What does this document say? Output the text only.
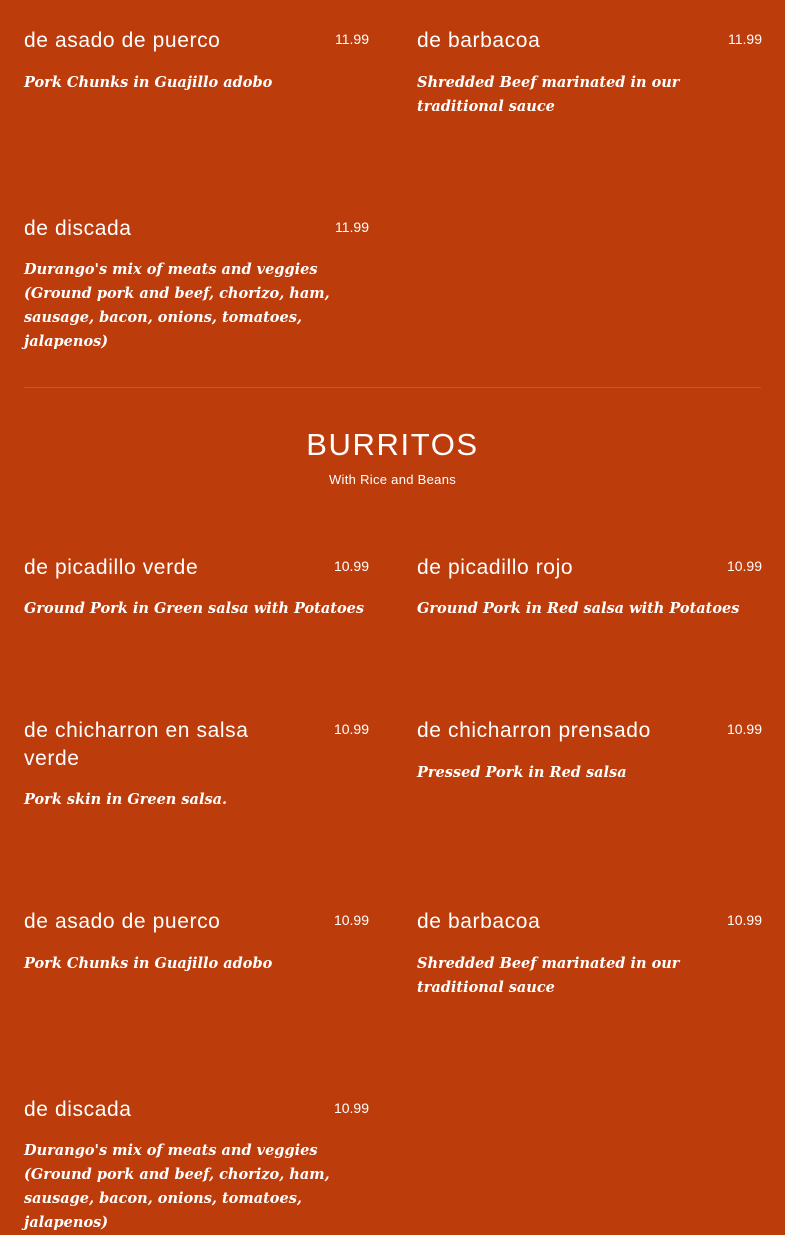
de asado de puerco	11.99
Pork Chunks in Guajillo adobo
de barbacoa	11.99
Shredded Beef marinated in our traditional sauce
de discada	11.99
Durango's mix of meats and veggies (Ground pork and beef, chorizo, ham, sausage, bacon, onions, tomatoes, jalapenos)
BURRITOS
With Rice and Beans
de picadillo verde	10.99
Ground Pork in Green salsa with Potatoes
de picadillo rojo	10.99
Ground Pork in Red salsa with Potatoes
de chicharron en salsa verde
10.99
Pork skin in Green salsa.
de chicharron prensado	10.99
Pressed Pork in Red salsa
de asado de puerco	10.99
Pork Chunks in Guajillo adobo
de barbacoa	10.99
Shredded Beef marinated in our traditional sauce
de discada	10.99
Durango's mix of meats and veggies (Ground pork and beef, chorizo, ham, sausage, bacon, onions, tomatoes, jalapenos)
